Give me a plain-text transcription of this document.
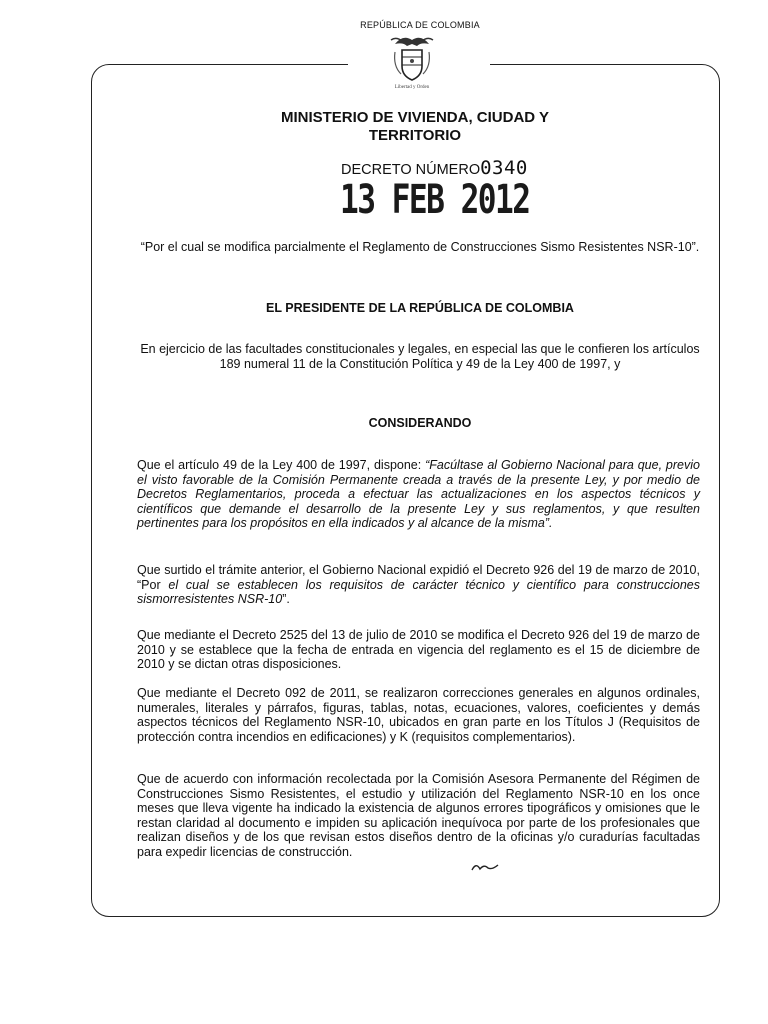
REPÚBLICA DE COLOMBIA
Libertad y Orden
MINISTERIO DE VIVIENDA, CIUDAD Y
TERRITORIO
DECRETO NÚMERO0340
13 FEB 2012
“Por el cual se modifica parcialmente el Reglamento de Construcciones Sismo Resistentes NSR-10”.
EL PRESIDENTE DE LA REPÚBLICA DE COLOMBIA
En ejercicio de las facultades constitucionales y legales, en especial las que le confieren los artículos 189 numeral 11 de la Constitución Política y 49 de la Ley 400 de 1997, y
CONSIDERANDO
Que el artículo 49 de la Ley 400 de 1997, dispone: “Facúltase al Gobierno Nacional para que, previo el visto favorable de la Comisión Permanente creada a través de la presente Ley, y por medio de Decretos Reglamentarios, proceda a efectuar las actualizaciones en los aspectos técnicos y científicos que demande el desarrollo de la presente Ley y sus reglamentos, y que resulten pertinentes para los propósitos en ella indicados y al alcance de la misma”.
Que surtido el trámite anterior, el Gobierno Nacional expidió el Decreto 926 del 19 de marzo de 2010, “Por el cual se establecen los requisitos de carácter técnico y científico para construcciones sismorresistentes NSR-10”.
Que mediante el Decreto 2525 del 13 de julio de 2010 se modifica el Decreto 926 del 19 de marzo de 2010 y se establece que la fecha de entrada en vigencia del reglamento es el 15 de diciembre de 2010 y se dictan otras disposiciones.
Que mediante el Decreto 092 de 2011, se realizaron correcciones generales en algunos ordinales, numerales, literales y párrafos, figuras, tablas, notas, ecuaciones, valores, coeficientes y demás aspectos técnicos del Reglamento NSR-10, ubicados en gran parte en los Títulos J (Requisitos de protección contra incendios en edificaciones) y K (requisitos complementarios).
Que de acuerdo con información recolectada por la Comisión Asesora Permanente del Régimen de Construcciones Sismo Resistentes, el estudio y utilización del Reglamento NSR-10 en los once meses que lleva vigente ha indicado la existencia de algunos errores tipográficos y omisiones que le restan claridad al documento e impiden su aplicación inequívoca por parte de los profesionales que realizan diseños y de los que revisan estos diseños dentro de la oficinas y/o curadurías facultadas para expedir licencias de construcción.
